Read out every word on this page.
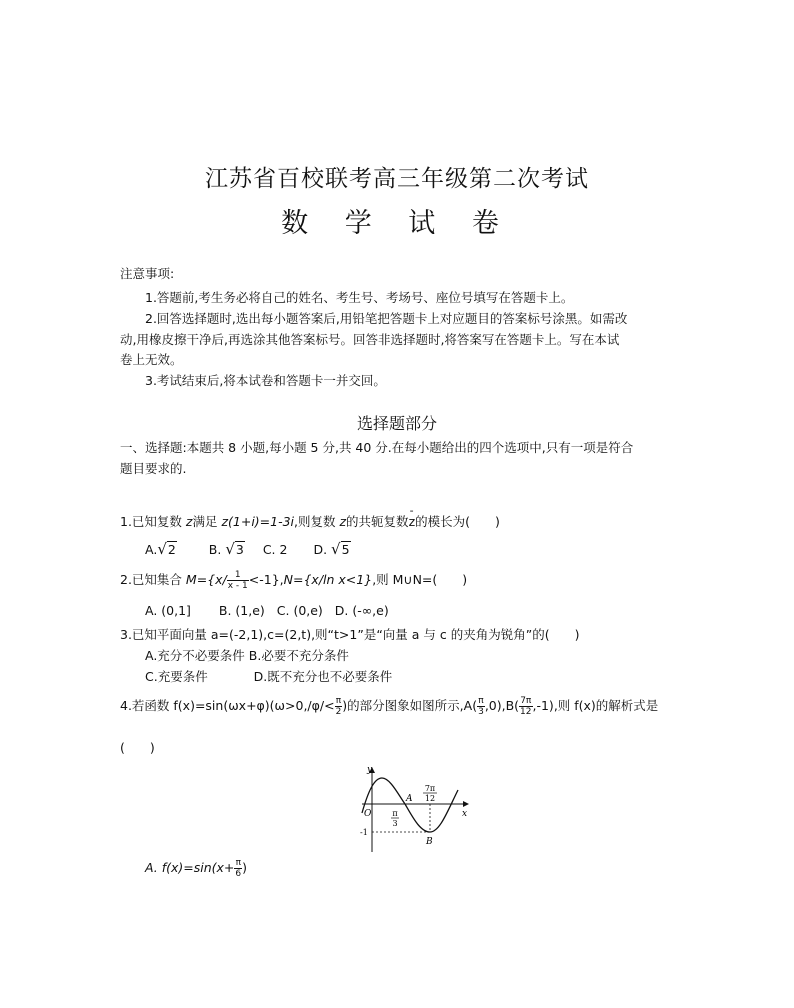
江苏省百校联考高三年级第二次考试
数 学 试 卷
注意事项:
1.答题前,考生务必将自己的姓名、考生号、考场号、座位号填写在答题卡上。
2.回答选择题时,选出每小题答案后,用铅笔把答题卡上对应题目的答案标号涂黑。如需改
动,用橡皮擦干净后,再选涂其他答案标号。回答非选择题时,将答案写在答题卡上。写在本试
卷上无效。
3.考试结束后,将本试卷和答题卡一并交回。
选择题部分
一、选择题:本题共 8 小题,每小题 5 分,共 40 分.在每小题给出的四个选项中,只有一项是符合
题目要求的.
1.已知复数 z满足 z(1+i)=1-3i,则复数 z的共轭复数
-
z的模长为(　　)
A.√2	B. √3 C. 2 D. √5
2.已知集合 $M=\{x/ \frac{1}{x - 1} <-1\},N=\{x/\ln$ x<1},则 M∪N=(　　)
A. (0,1] B. (1,e) C. (0,e) D. (-∞,e)
3.已知平面向量 a=(-2,1),c=(2,t),则“t>1”是“向量 a 与 c 的夹角为锐角”的(　　)
A.充分不必要条件 B.必要不充分条件
C.充要条件	D.既不充分也不必要条件
4.若函数 $f(x)=\sin(\omega x+\varphi)(\omega>0,/\varphi/< \frac{\pi}{2}$ )的部分图象如图所示$,A( \frac{\pi}{3} ,0),B( \frac{7\pi}{12} ,-1)$,则 f(x)的解析式是
(　　)
y
x
O
A
B
-1
π
3
7π
12
A. $f(x)=\sin(x+ \frac{\pi}{6}$ )
